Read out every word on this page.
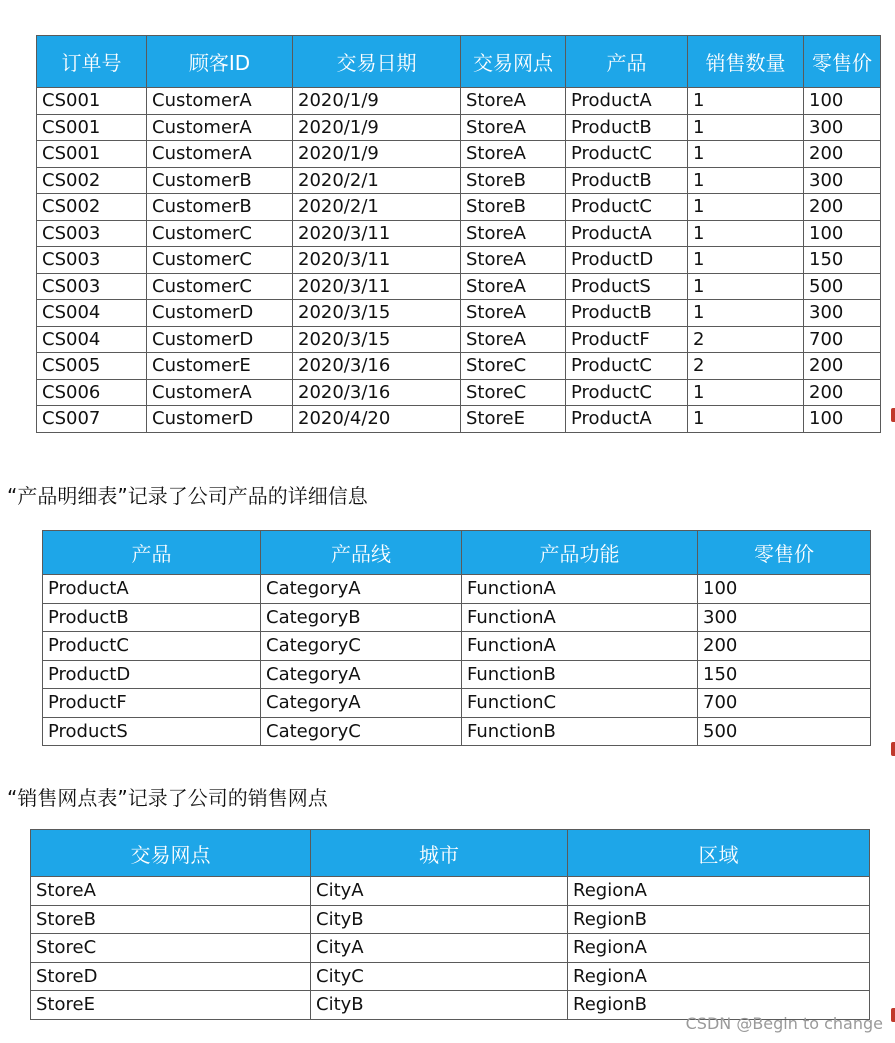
订单号	顾客ID	交易日期	交易网点	产品	销售数量	零售价
CS001	CustomerA	2020/1/9	StoreA	ProductA	1	100
CS001	CustomerA	2020/1/9	StoreA	ProductB	1	300
CS001	CustomerA	2020/1/9	StoreA	ProductC	1	200
CS002	CustomerB	2020/2/1	StoreB	ProductB	1	300
CS002	CustomerB	2020/2/1	StoreB	ProductC	1	200
CS003	CustomerC	2020/3/11	StoreA	ProductA	1	100
CS003	CustomerC	2020/3/11	StoreA	ProductD	1	150
CS003	CustomerC	2020/3/11	StoreA	ProductS	1	500
CS004	CustomerD	2020/3/15	StoreA	ProductB	1	300
CS004	CustomerD	2020/3/15	StoreA	ProductF	2	700
CS005	CustomerE	2020/3/16	StoreC	ProductC	2	200
CS006	CustomerA	2020/3/16	StoreC	ProductC	1	200
CS007	CustomerD	2020/4/20	StoreE	ProductA	1	100
“产品明细表”记录了公司产品的详细信息
产品	产品线	产品功能	零售价
ProductA	CategoryA	FunctionA	100
ProductB	CategoryB	FunctionA	300
ProductC	CategoryC	FunctionA	200
ProductD	CategoryA	FunctionB	150
ProductF	CategoryA	FunctionC	700
ProductS	CategoryC	FunctionB	500
“销售网点表”记录了公司的销售网点
交易网点	城市	区域
StoreA	CityA	RegionA
StoreB	CityB	RegionB
StoreC	CityA	RegionA
StoreD	CityC	RegionA
StoreE	CityB	RegionB
CSDN @Begin to change
